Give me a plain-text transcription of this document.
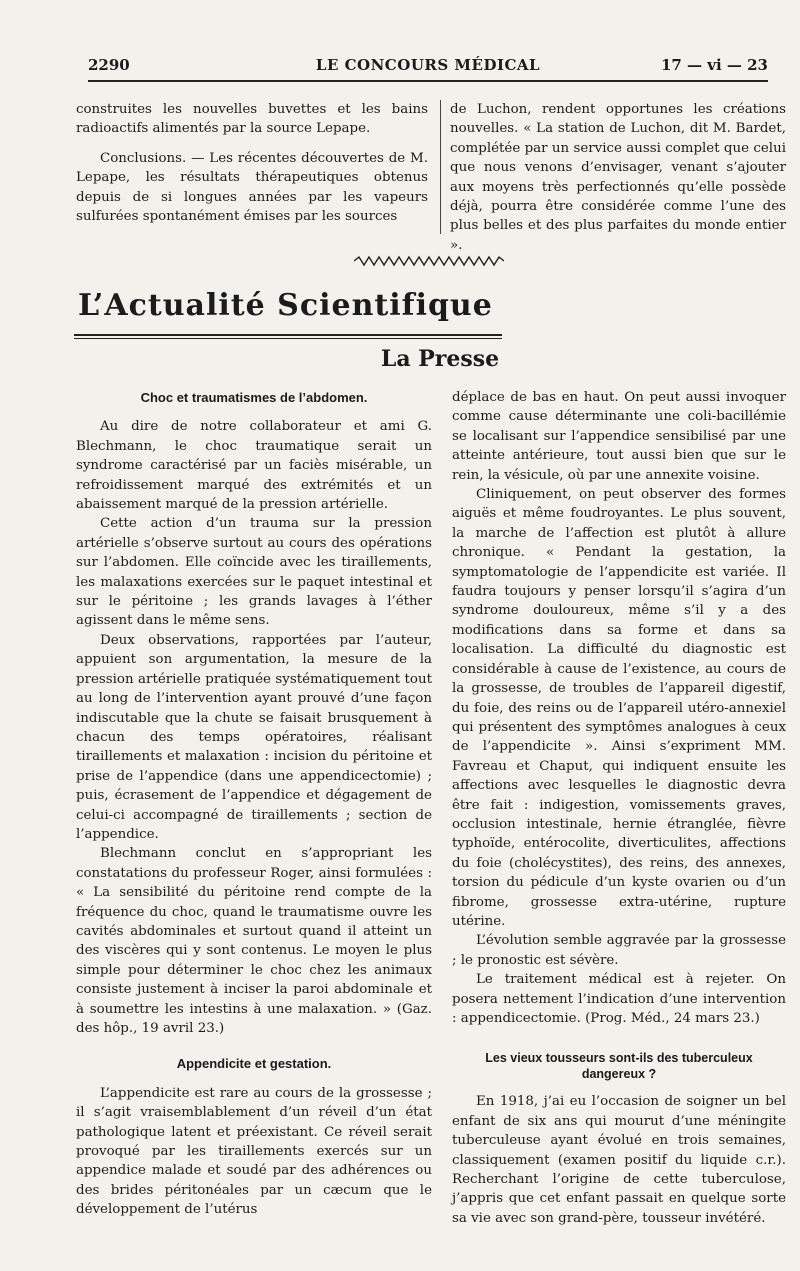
2290	LE CONCOURS MÉDICAL	17 — vi — 23

construites les nouvelles buvettes et les bains radioactifs alimentés par la source Lepape.

Conclusions. — Les récentes découvertes de M. Lepape, les résultats thérapeutiques obtenus depuis de si longues années par les vapeurs sulfurées spontanément émises par les sources

de Luchon, rendent opportunes les créations nouvelles. « La station de Luchon, dit M. Bardet, complétée par un service aussi complet que celui que nous venons d’envisager, venant s’ajouter aux moyens très perfectionnés qu’elle possède déjà, pourra être considérée comme l’une des plus belles et des plus parfaites du monde entier ».

L’Actualité Scientifique
La Presse
Choc et traumatismes de l’abdomen.

Au dire de notre collaborateur et ami G. Blechmann, le choc traumatique serait un syndrome caractérisé par un faciès misérable, un refroidissement marqué des extrémités et un abaissement marqué de la pression artérielle.

Cette action d’un trauma sur la pression artérielle s’observe surtout au cours des opérations sur l’abdomen. Elle coïncide avec les tiraillements, les malaxations exercées sur le paquet intestinal et sur le péritoine ; les grands lavages à l’éther agissent dans le même sens.

Deux observations, rapportées par l’auteur, appuient son argumentation, la mesure de la pression artérielle pratiquée systématiquement tout au long de l’intervention ayant prouvé d’une façon indiscutable que la chute se faisait brusquement à chacun des temps opératoires, réalisant tiraillements et malaxation : incision du péritoine et prise de l’appendice (dans une appendicectomie) ; puis, écrasement de l’appendice et dégagement de celui-ci accompagné de tiraillements ; section de l’appendice.

Blechmann conclut en s’appropriant les constatations du professeur Roger, ainsi formulées : « La sensibilité du péritoine rend compte de la fréquence du choc, quand le traumatisme ouvre les cavités abdominales et surtout quand il atteint un des viscères qui y sont contenus. Le moyen le plus simple pour déterminer le choc chez les animaux consiste justement à inciser la paroi abdominale et à soumettre les intestins à une malaxation. » (Gaz. des hôp., 19 avril 23.)

Appendicite et gestation.

L’appendicite est rare au cours de la grossesse ; il s’agit vraisemblablement d’un réveil d’un état pathologique latent et préexistant. Ce réveil serait provoqué par les tiraillements exercés sur un appendice malade et soudé par des adhérences ou des brides péritonéales par un cæcum que le développement de l’utérus

déplace de bas en haut. On peut aussi invoquer comme cause déterminante une coli-bacillémie se localisant sur l’appendice sensibilisé par une atteinte antérieure, tout aussi bien que sur le rein, la vésicule, où par une annexite voisine.

Cliniquement, on peut observer des formes aiguës et même foudroyantes. Le plus souvent, la marche de l’affection est plutôt à allure chronique. « Pendant la gestation, la symptomatologie de l’appendicite est variée. Il faudra toujours y penser lorsqu’il s’agira d’un syndrome douloureux, même s’il y a des modifications dans sa forme et dans sa localisation. La difficulté du diagnostic est considérable à cause de l’existence, au cours de la grossesse, de troubles de l’appareil digestif, du foie, des reins ou de l’appareil utéro-annexiel qui présentent des symptômes analogues à ceux de l’appendicite ». Ainsi s’expriment MM. Favreau et Chaput, qui indiquent ensuite les affections avec lesquelles le diagnostic devra être fait : indigestion, vomissements graves, occlusion intestinale, hernie étranglée, fièvre typhoïde, entérocolite, diverticulites, affections du foie (cholécystites), des reins, des annexes, torsion du pédicule d’un kyste ovarien ou d’un fibrome, grossesse extra-utérine, rupture utérine.

L’évolution semble aggravée par la grossesse ; le pronostic est sévère.

Le traitement médical est à rejeter. On posera nettement l’indication d’une intervention : appendicectomie. (Prog. Méd., 24 mars 23.)

Les vieux tousseurs sont-ils des tuberculeux dangereux ?

En 1918, j’ai eu l’occasion de soigner un bel enfant de six ans qui mourut d’une méningite tuberculeuse ayant évolué en trois semaines, classiquement (examen positif du liquide c.r.). Recherchant l’origine de cette tuberculose, j’appris que cet enfant passait en quelque sorte sa vie avec son grand-père, tousseur invétéré.
